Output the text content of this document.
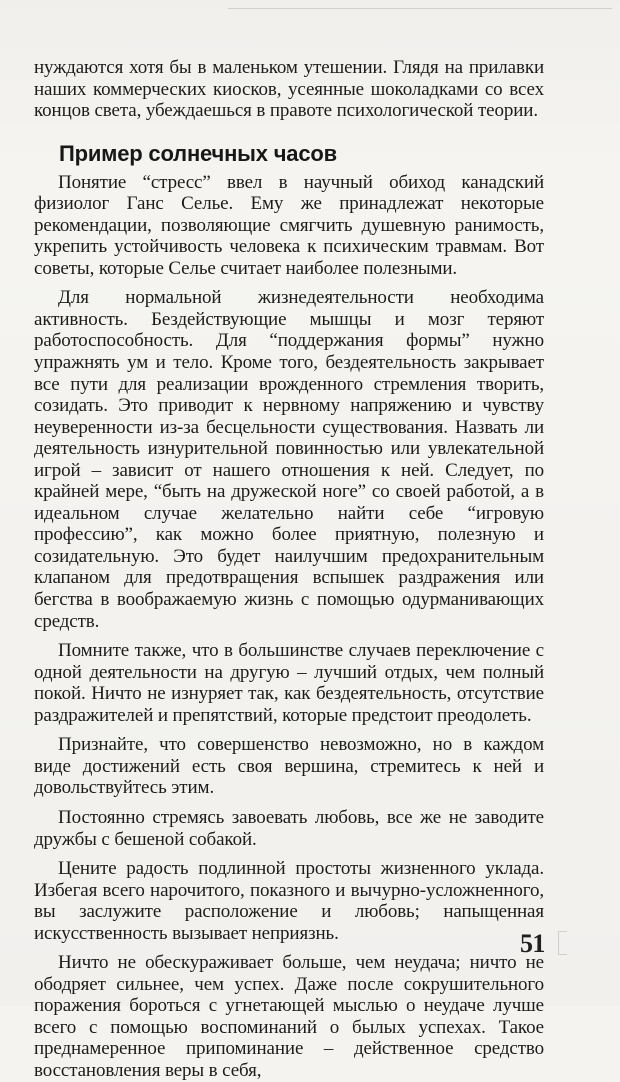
нуждаются хотя бы в маленьком утешении. Глядя на прилавки наших коммерческих киосков, усеянные шоколадками со всех концов света, убеждаешься в правоте психологической теории.

Пример солнечных часов

Понятие “стресс” ввел в научный обиход канадский физиолог Ганс Селье. Ему же принадлежат некоторые рекомендации, позволяющие смягчить душевную ранимость, укрепить устойчивость человека к психическим травмам. Вот советы, которые Селье считает наиболее полезными.

Для нормальной жизнедеятельности необходима активность. Бездействующие мышцы и мозг теряют работоспособность. Для “поддержания формы” нужно упражнять ум и тело. Кроме того, бездеятельность закрывает все пути для реализации врожденного стремления творить, созидать. Это приводит к нервному напряжению и чувству неуверенности из-за бесцельности существования. Назвать ли деятельность изнурительной повинностью или увлекательной игрой – зависит от нашего отношения к ней. Следует, по крайней мере, “быть на дружеской ноге” со своей работой, а в идеальном случае желательно найти себе “игровую профессию”, как можно более приятную, полезную и созидательную. Это будет наилучшим предохранительным клапаном для предотвращения вспышек раздражения или бегства в воображаемую жизнь с помощью одурманивающих средств.

Помните также, что в большинстве случаев переключение с одной деятельности на другую – лучший отдых, чем полный покой. Ничто не изнуряет так, как бездеятельность, отсутствие раздражителей и препятствий, которые предстоит преодолеть.

Признайте, что совершенство невозможно, но в каждом виде достижений есть своя вершина, стремитесь к ней и довольствуйтесь этим.

Постоянно стремясь завоевать любовь, все же не заводите дружбы с бешеной собакой.

Цените радость подлинной простоты жизненного уклада. Избегая всего нарочитого, показного и вычурно-усложненного, вы заслужите расположение и любовь; напыщенная искусственность вызывает неприязнь.

Ничто не обескураживает больше, чем неудача; ничто не ободряет сильнее, чем успех. Даже после сокрушительного поражения бороться с угнетающей мыслью о неудаче лучше всего с помощью воспоминаний о былых успехах. Такое преднамеренное припоминание – действенное средство восстановления веры в себя,

51
